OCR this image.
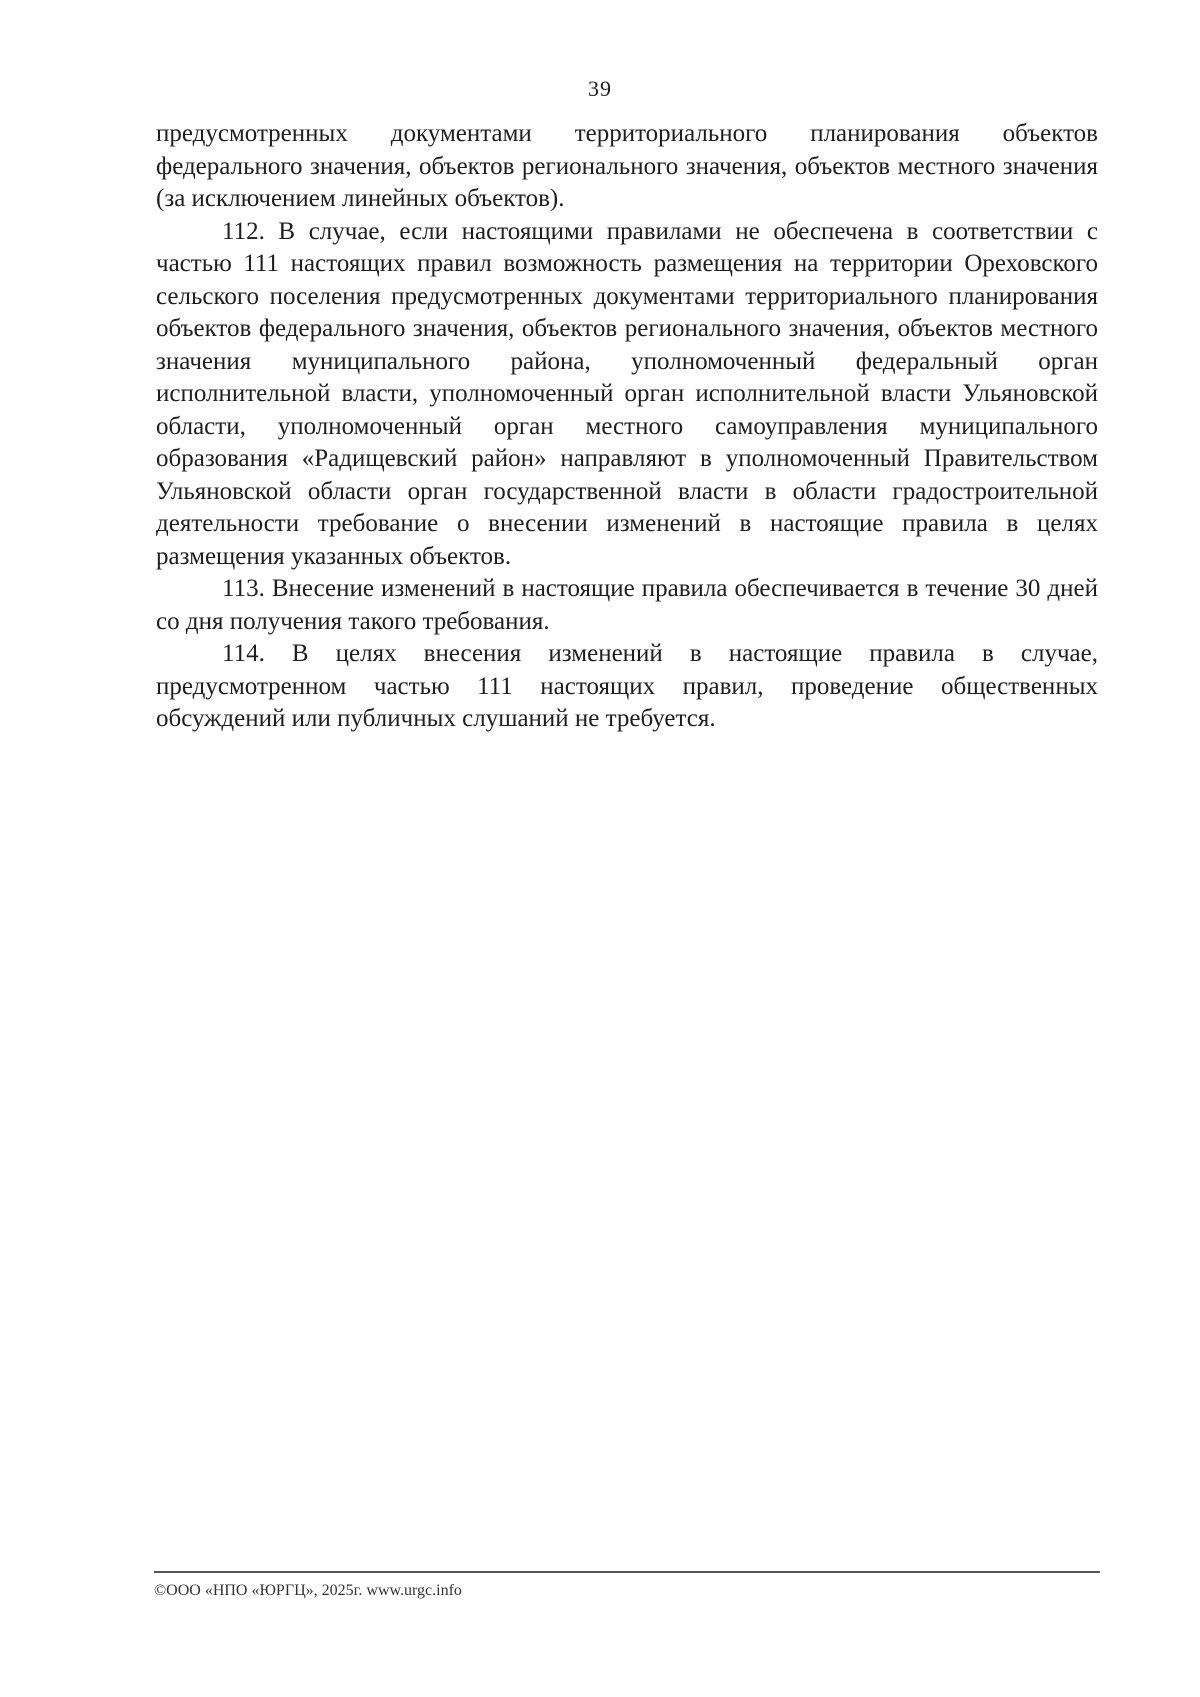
39

предусмотренных документами территориального планирования объектов федерального значения, объектов регионального значения, объектов местного значения (за исключением линейных объектов).

112. В случае, если настоящими правилами не обеспечена в соответствии с частью 111 настоящих правил возможность размещения на территории Ореховского сельского поселения предусмотренных документами территориального планирования объектов федерального значения, объектов регионального значения, объектов местного значения муниципального района, уполномоченный федеральный орган исполнительной власти, уполномоченный орган исполнительной власти Ульяновской области, уполномоченный орган местного самоуправления муниципального образования «Радищевский район» направляют в уполномоченный Правительством Ульяновской области орган государственной власти в области градостроительной деятельности требование о внесении изменений в настоящие правила в целях размещения указанных объектов.

113. Внесение изменений в настоящие правила обеспечивается в течение 30 дней со дня получения такого требования.

114. В целях внесения изменений в настоящие правила в случае, предусмотренном частью 111 настоящих правил, проведение общественных обсуждений или публичных слушаний не требуется.

©ООО «НПО «ЮРГЦ», 2025г. www.urgc.info
